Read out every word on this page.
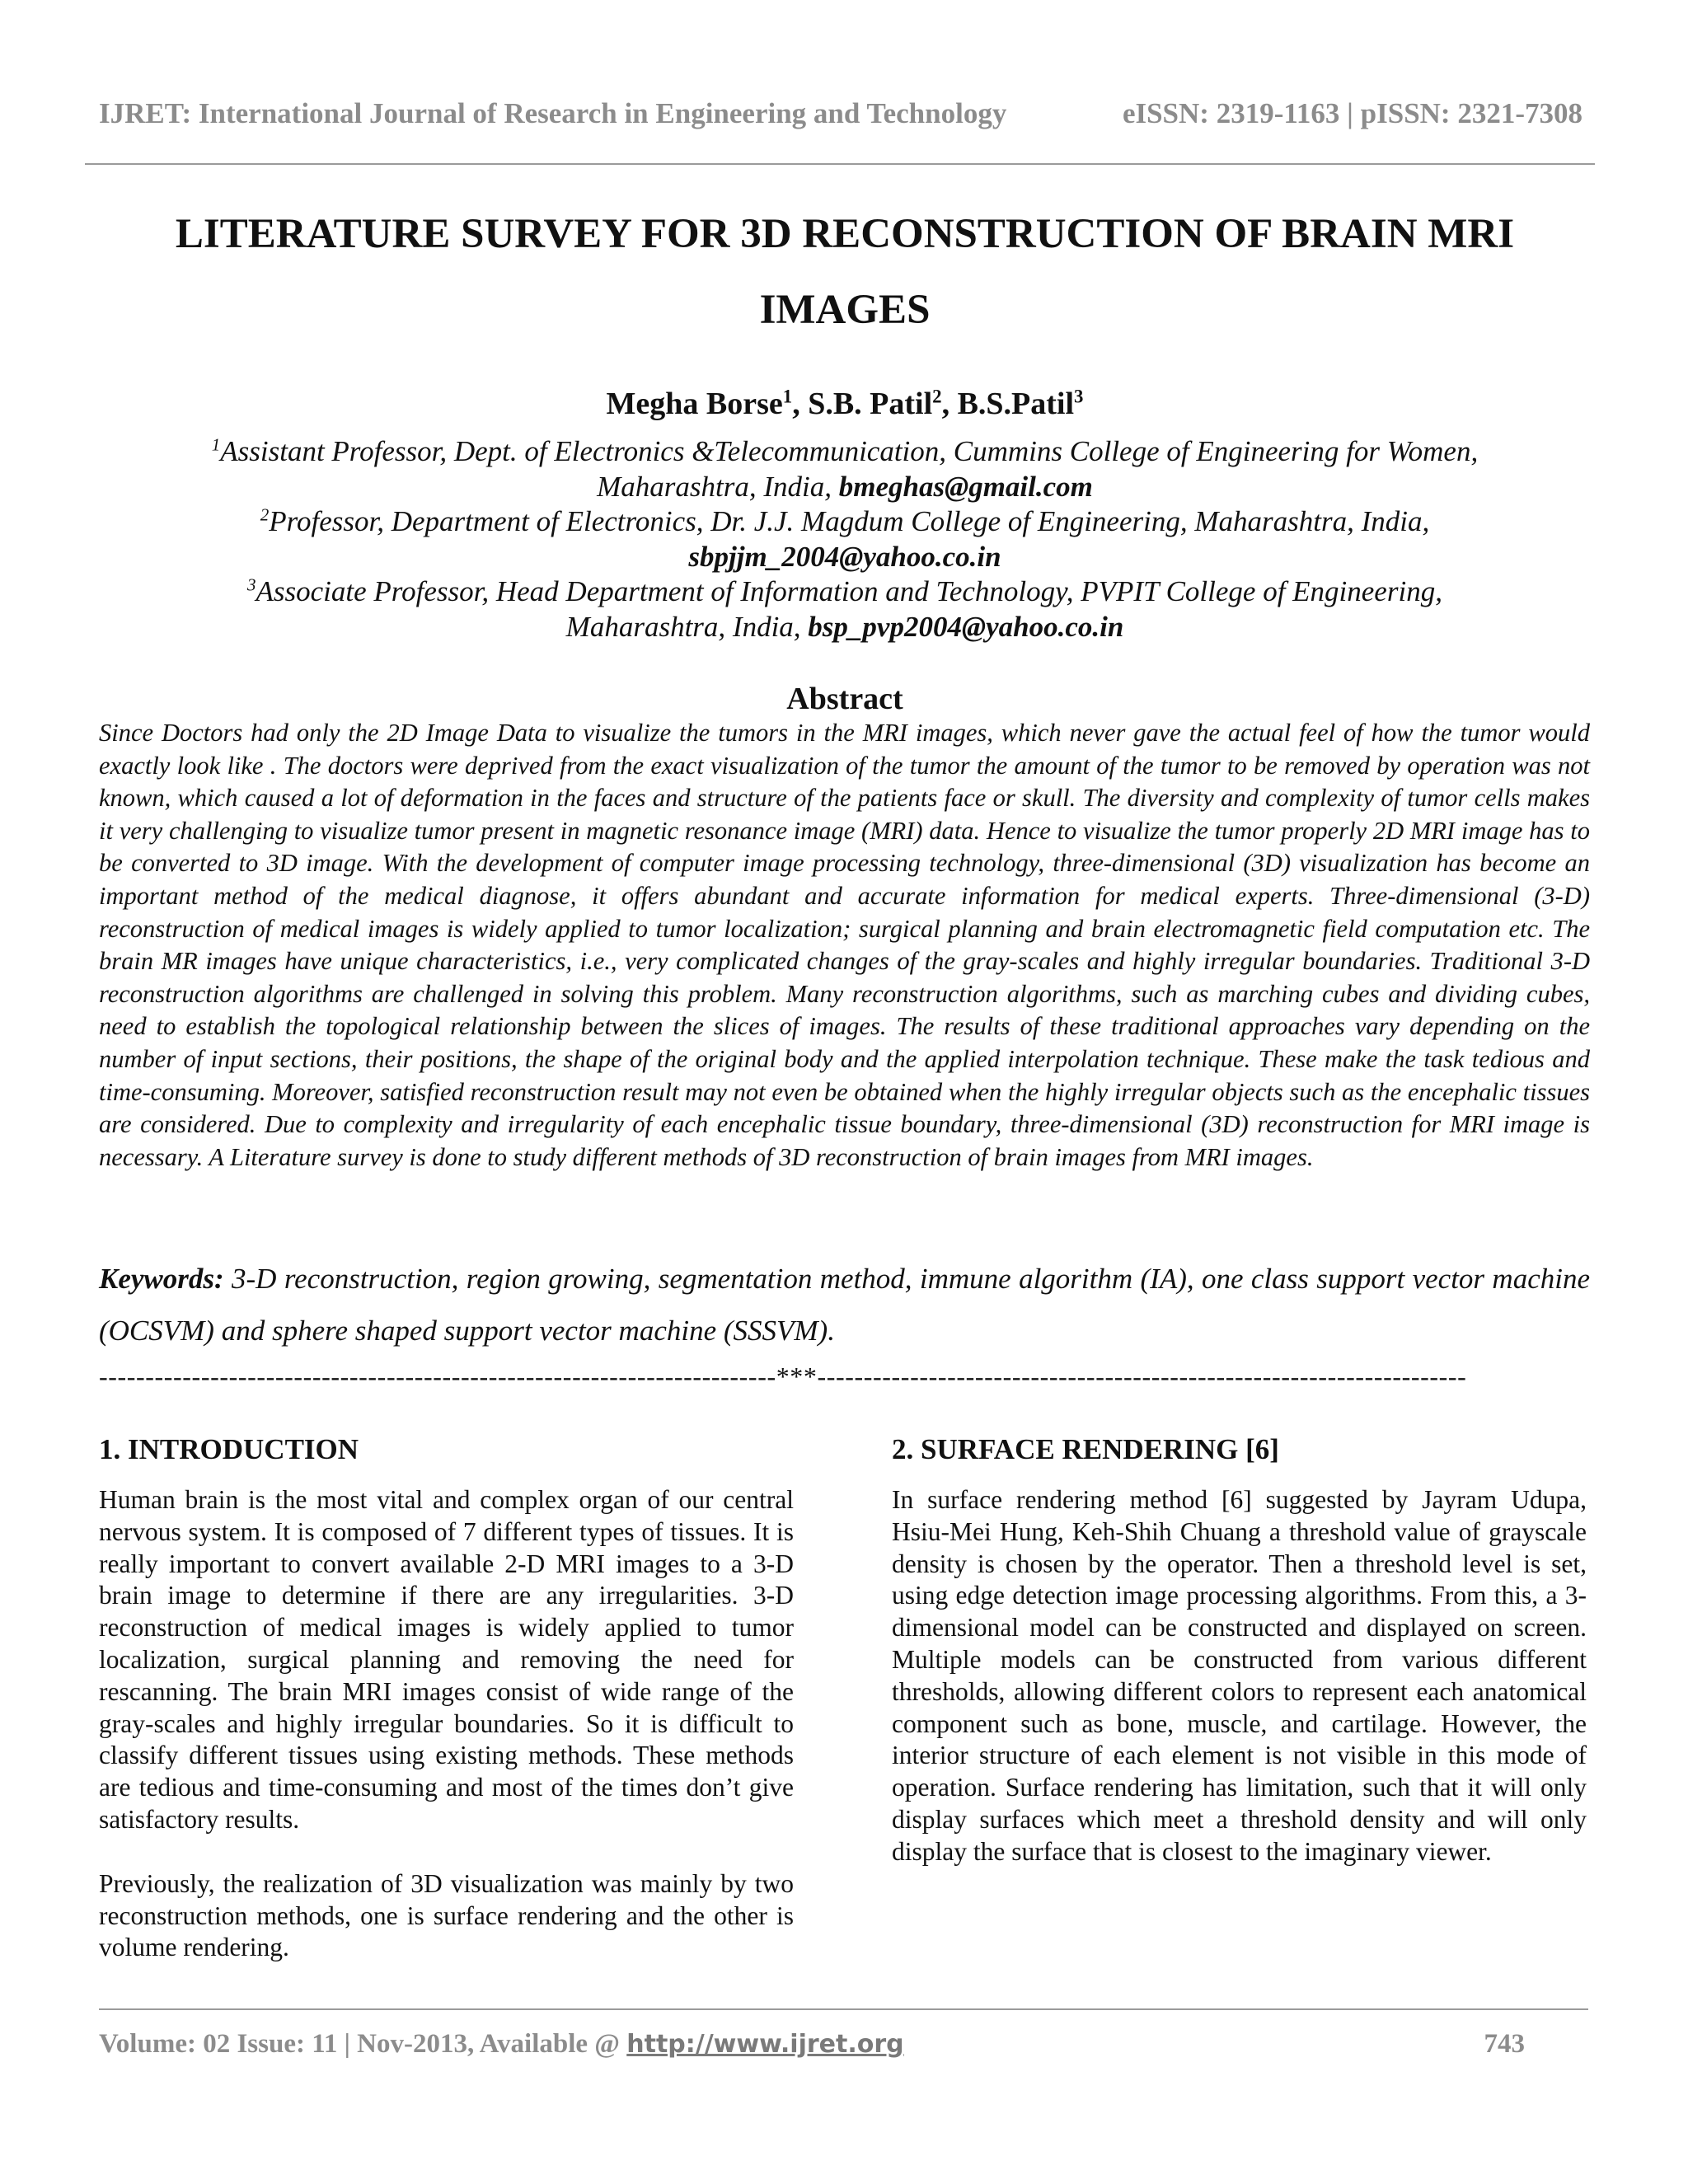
IJRET: International Journal of Research in Engineering and Technology	eISSN: 2319-1163 | pISSN: 2321-7308
LITERATURE SURVEY FOR 3D RECONSTRUCTION OF BRAIN MRI
IMAGES
Megha Borse$^1$, S.B. Patil$^2$, B.S.Patil$^3$
$^1$Assistant Professor, Dept. of Electronics &Telecommunication, Cummins College of Engineering for Women,
Maharashtra, India, bmeghas@gmail.com
$^2$Professor, Department of Electronics, Dr. J.J. Magdum College of Engineering, Maharashtra, India,
sbpjjm_2004@yahoo.co.in
$^3$Associate Professor, Head Department of Information and Technology, PVPIT College of Engineering,
Maharashtra, India, bsp_pvp2004@yahoo.co.in
Abstract
Since Doctors had only the 2D Image Data to visualize the tumors in the MRI images, which never gave the actual feel of how the tumor would exactly look like . The doctors were deprived from the exact visualization of the tumor the amount of the tumor to be removed by operation was not known, which caused a lot of deformation in the faces and structure of the patients face or skull. The diversity and complexity of tumor cells makes it very challenging to visualize tumor present in magnetic resonance image (MRI) data. Hence to visualize the tumor properly 2D MRI image has to be converted to 3D image. With the development of computer image processing technology, three-dimensional (3D) visualization has become an important method of the medical diagnose, it offers abundant and accurate information for medical experts. Three-dimensional (3-D) reconstruction of medical images is widely applied to tumor localization; surgical planning and brain electromagnetic field computation etc. The brain MR images have unique characteristics, i.e., very complicated changes of the gray-scales and highly irregular boundaries. Traditional 3-D reconstruction algorithms are challenged in solving this problem. Many reconstruction algorithms, such as marching cubes and dividing cubes, need to establish the topological relationship between the slices of images. The results of these traditional approaches vary depending on the number of input sections, their positions, the shape of the original body and the applied interpolation technique. These make the task tedious and time-consuming. Moreover, satisfied reconstruction result may not even be obtained when the highly irregular objects such as the encephalic tissues are considered. Due to complexity and irregularity of each encephalic tissue boundary, three-dimensional (3D) reconstruction for MRI image is necessary. A Literature survey is done to study different methods of 3D reconstruction of brain images from MRI images.
Keywords: 3-D reconstruction, region growing, segmentation method, immune algorithm (IA), one class support vector machine (OCSVM) and sphere shaped support vector machine (SSSVM).
-------------------------------------------------------------------------***----------------------------------------------------------------------
1. INTRODUCTION

Human brain is the most vital and complex organ of our central nervous system. It is composed of 7 different types of tissues. It is really important to convert available 2-D MRI images to a 3-D brain image to determine if there are any irregularities. 3-D reconstruction of medical images is widely applied to tumor localization, surgical planning and removing the need for rescanning. The brain MRI images consist of wide range of the gray-scales and highly irregular boundaries. So it is difficult to classify different tissues using existing methods. These methods are tedious and time-consuming and most of the times don’t give satisfactory results.

Previously, the realization of 3D visualization was mainly by two reconstruction methods, one is surface rendering and the other is volume rendering.

2. SURFACE RENDERING [6]

In surface rendering method [6] suggested by Jayram Udupa, Hsiu-Mei Hung, Keh-Shih Chuang a threshold value of grayscale density is chosen by the operator. Then a threshold level is set, using edge detection image processing algorithms. From this, a 3-dimensional model can be constructed and displayed on screen. Multiple models can be constructed from various different thresholds, allowing different colors to represent each anatomical component such as bone, muscle, and cartilage. However, the interior structure of each element is not visible in this mode of operation. Surface rendering has limitation, such that it will only display surfaces which meet a threshold density and will only display the surface that is closest to the imaginary viewer.

Volume: 02 Issue: 11 | Nov-2013, Available @ http://www.ijret.org	743
